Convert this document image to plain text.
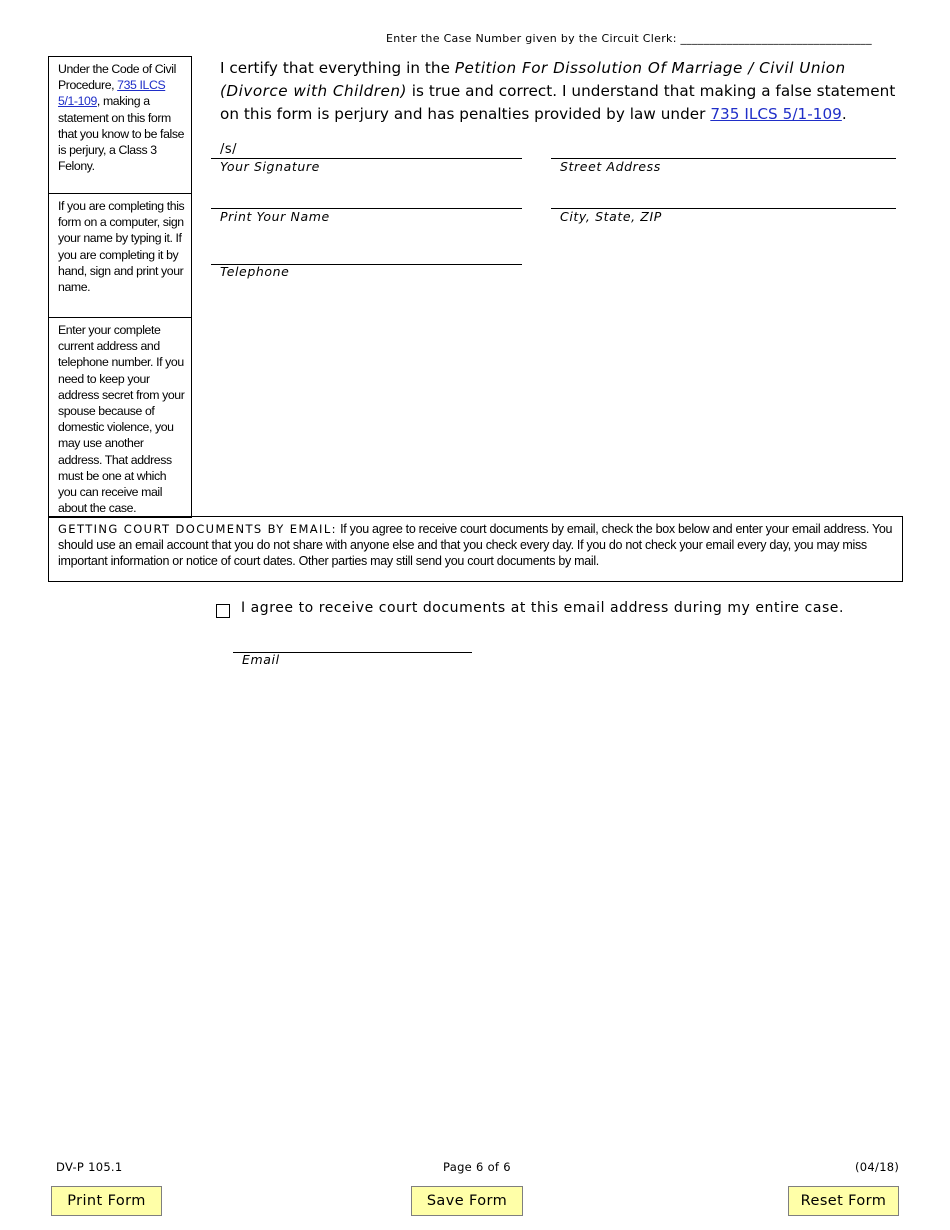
Enter the Case Number given by the Circuit Clerk: _________________________________
Under the Code of Civil Procedure, 735 ILCS 5/1-109, making a statement on this form that you know to be false is perjury, a Class 3 Felony.
If you are completing this form on a computer, sign your name by typing it. If you are completing it by hand, sign and print your name.
Enter your complete current address and telephone number. If you need to keep your address secret from your spouse because of domestic violence, you may use another address. That address must be one at which you can receive mail about the case.
I certify that everything in the Petition For Dissolution Of Marriage / Civil Union (Divorce with Children) is true and correct. I understand that making a false statement on this form is perjury and has penalties provided by law under 735 ILCS 5/1-109.
/s/
Your Signature	Street Address
Print Your Name	City, State, ZIP
Telephone
GETTING COURT DOCUMENTS BY EMAIL: If you agree to receive court documents by email, check the box below and enter your email address. You should use an email account that you do not share with anyone else and that you check every day. If you do not check your email every day, you may miss important information or notice of court dates. Other parties may still send you court documents by mail.
I agree to receive court documents at this email address during my entire case.
Email
DV-P 105.1	Page 6 of 6	(04/18)
Print Form	Save Form	Reset Form
